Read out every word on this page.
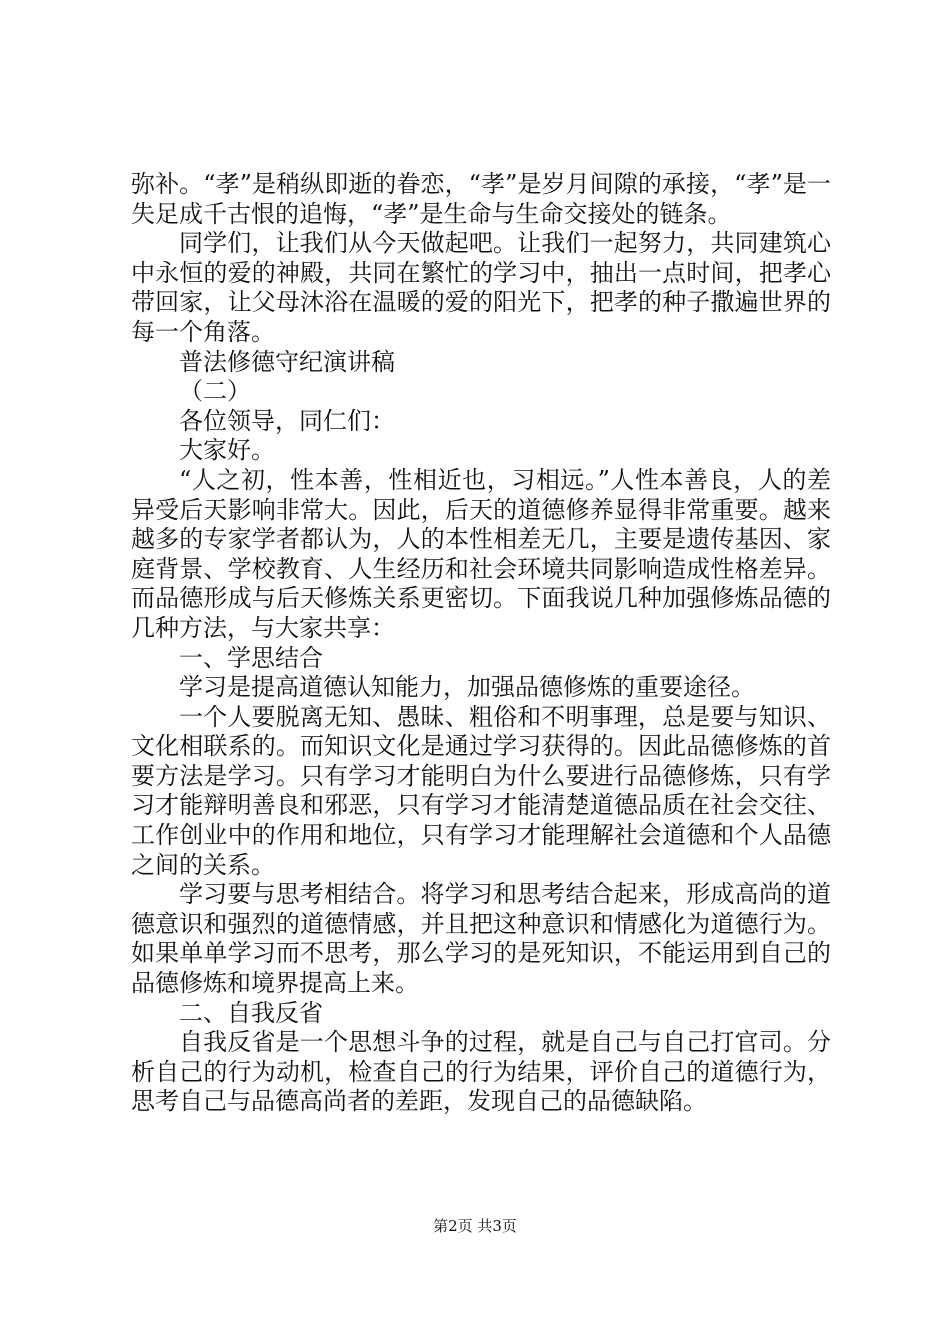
弥补。“孝”是稍纵即逝的眷恋，“孝”是岁月间隙的承接，“孝”是一失足成千古恨的追悔，“孝”是生命与生命交接处的链条。

同学们，让我们从今天做起吧。让我们一起努力，共同建筑心中永恒的爱的神殿，共同在繁忙的学习中，抽出一点时间，把孝心带回家，让父母沐浴在温暖的爱的阳光下，把孝的种子撒遍世界的每一个角落。

普法修德守纪演讲稿

（二）

各位领导，同仁们：

大家好。

“人之初，性本善，性相近也，习相远。”人性本善良，人的差异受后天影响非常大。因此，后天的道德修养显得非常重要。越来越多的专家学者都认为，人的本性相差无几，主要是遗传基因、家庭背景、学校教育、人生经历和社会环境共同影响造成性格差异。而品德形成与后天修炼关系更密切。下面我说几种加强修炼品德的几种方法，与大家共享：

一、学思结合

学习是提高道德认知能力，加强品德修炼的重要途径。

一个人要脱离无知、愚昧、粗俗和不明事理，总是要与知识、文化相联系的。而知识文化是通过学习获得的。因此品德修炼的首要方法是学习。只有学习才能明白为什么要进行品德修炼，只有学习才能辩明善良和邪恶，只有学习才能清楚道德品质在社会交往、工作创业中的作用和地位，只有学习才能理解社会道德和个人品德之间的关系。

学习要与思考相结合。将学习和思考结合起来，形成高尚的道德意识和强烈的道德情感，并且把这种意识和情感化为道德行为。如果单单学习而不思考，那么学习的是死知识，不能运用到自己的品德修炼和境界提高上来。

二、自我反省

自我反省是一个思想斗争的过程，就是自己与自己打官司。分析自己的行为动机，检查自己的行为结果，评价自己的道德行为，思考自己与品德高尚者的差距，发现自己的品德缺陷。

第2页 共3页
